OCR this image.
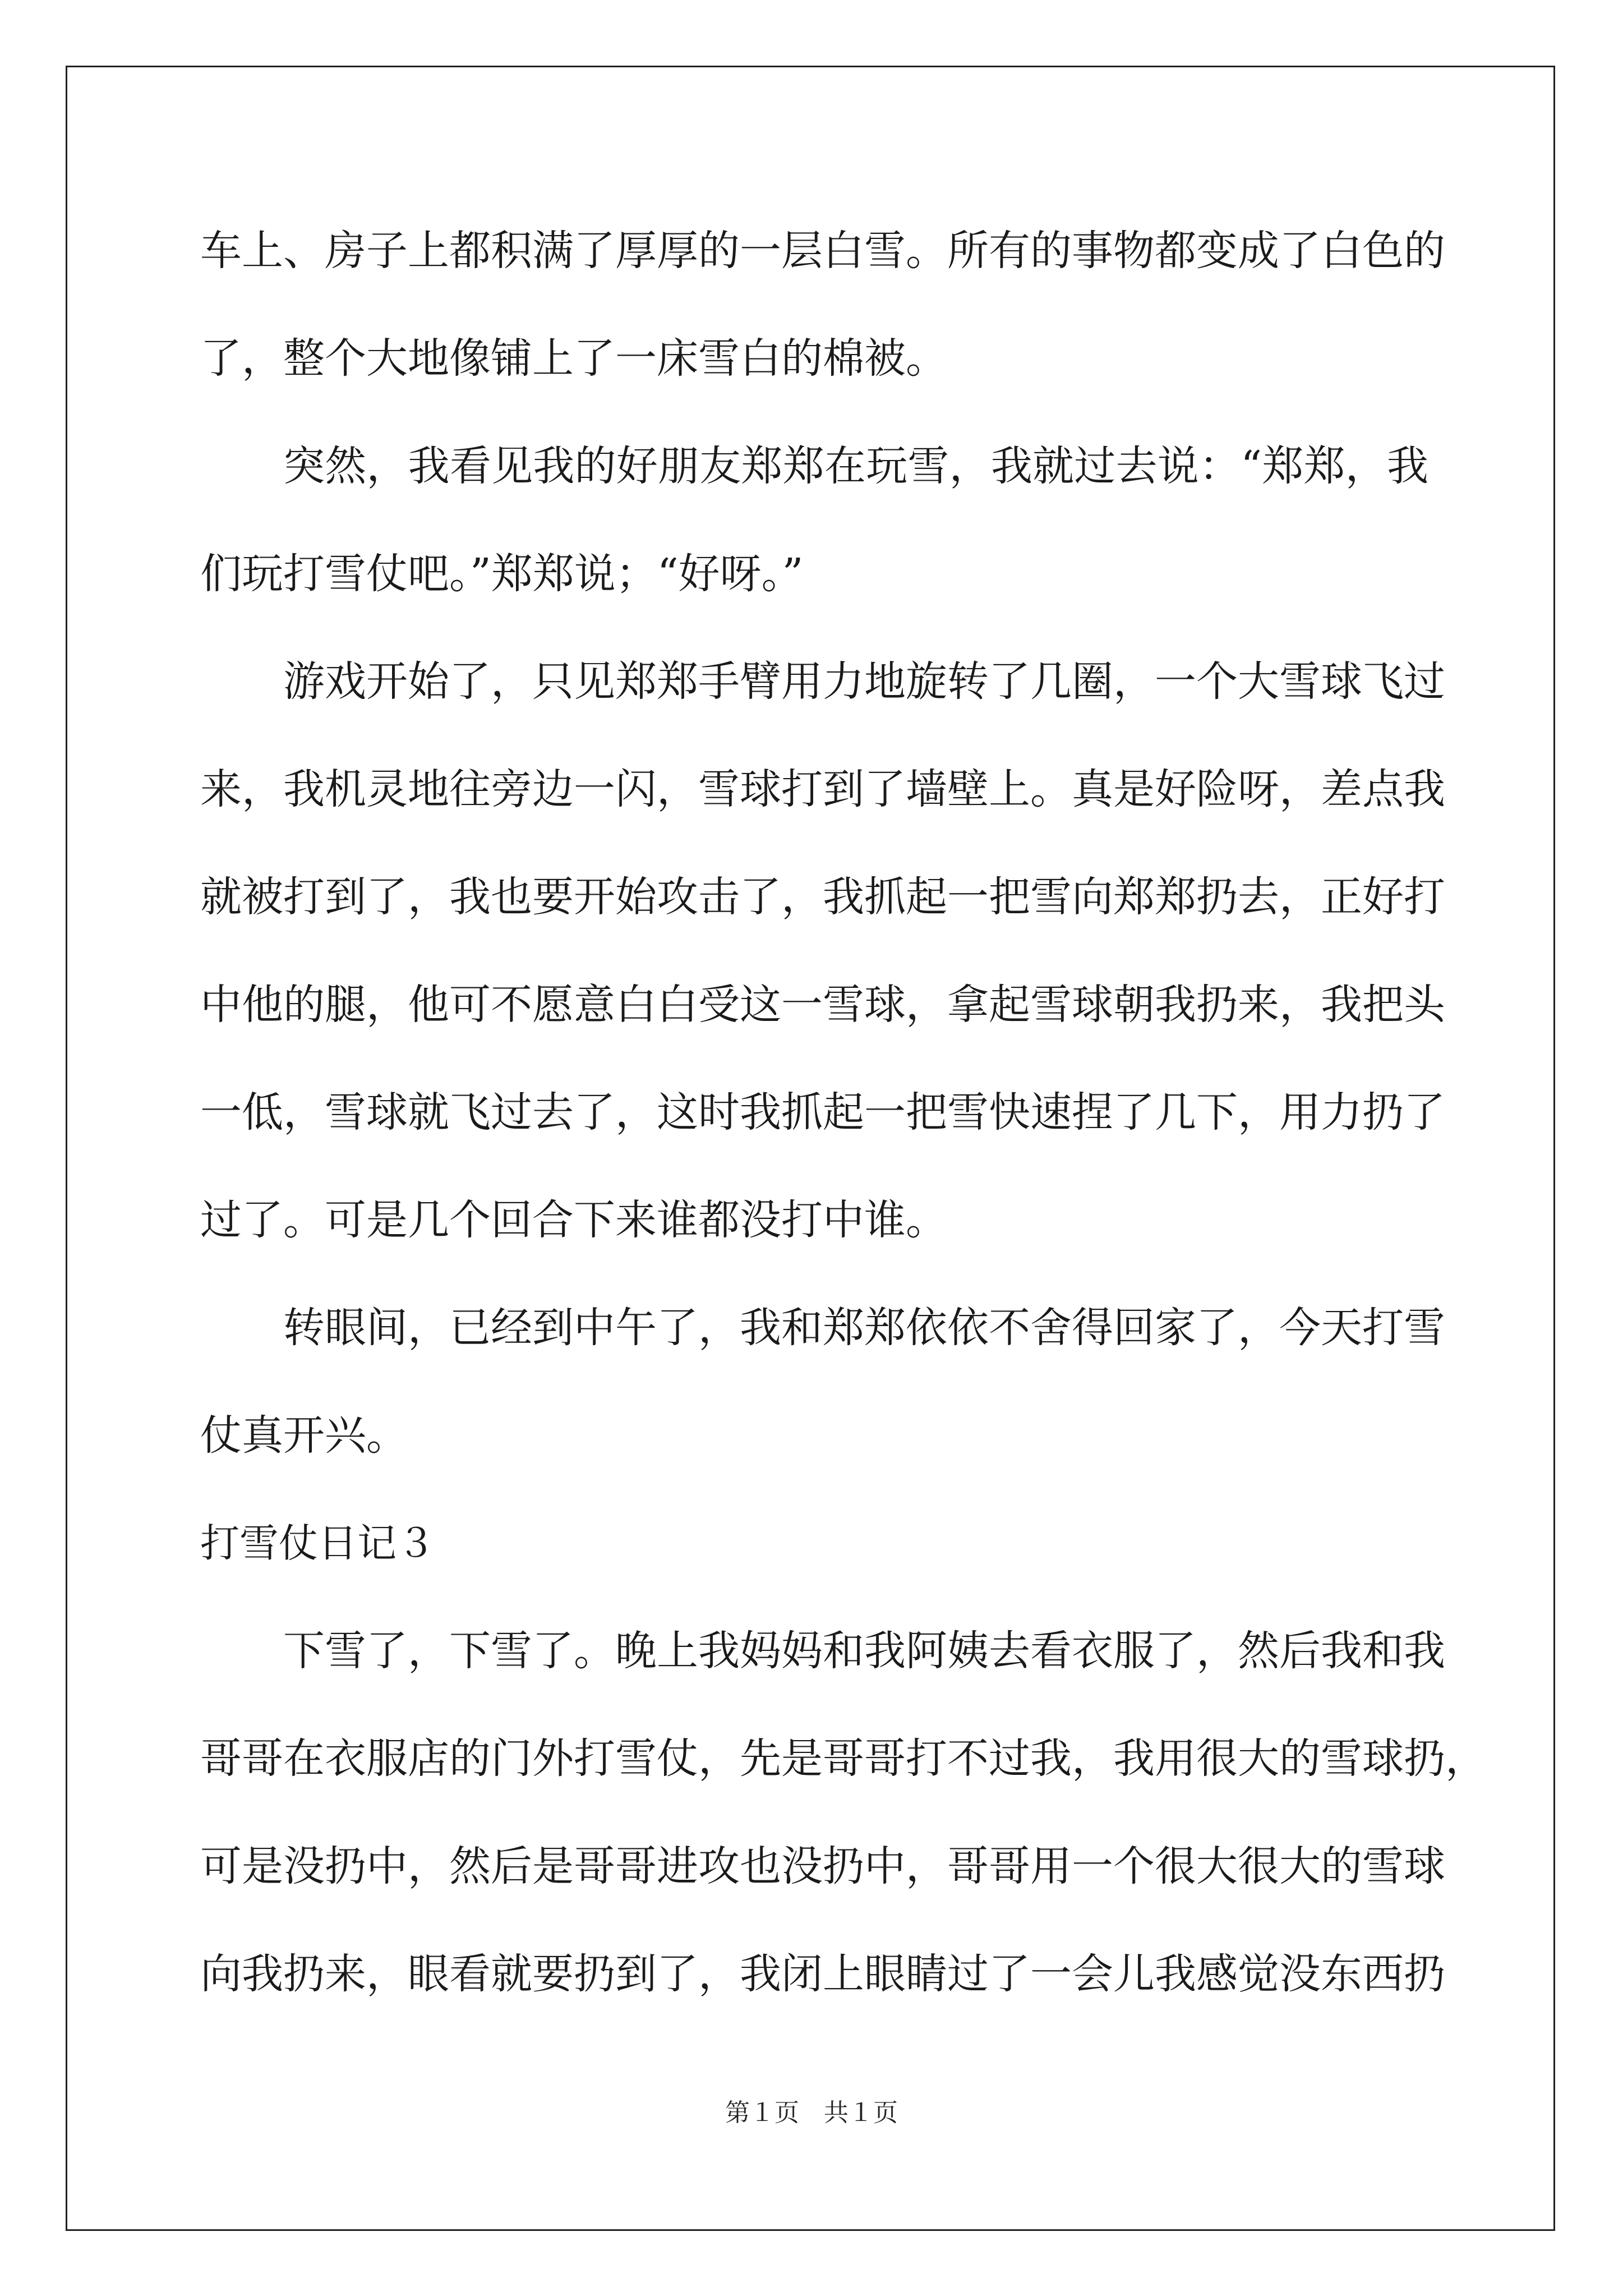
车上、房子上都积满了厚厚的一层白雪。所有的事物都变成了白色的
了，整个大地像铺上了一床雪白的棉被。
突然，我看见我的好朋友郑郑在玩雪，我就过去说：“郑郑，我
们玩打雪仗吧。”郑郑说；“好呀。”
游戏开始了，只见郑郑手臂用力地旋转了几圈，一个大雪球飞过
来，我机灵地往旁边一闪，雪球打到了墙壁上。真是好险呀，差点我
就被打到了，我也要开始攻击了，我抓起一把雪向郑郑扔去，正好打
中他的腿，他可不愿意白白受这一雪球，拿起雪球朝我扔来，我把头
一低，雪球就飞过去了，这时我抓起一把雪快速捏了几下，用力扔了
过了。可是几个回合下来谁都没打中谁。
转眼间，已经到中午了，我和郑郑依依不舍得回家了，今天打雪
仗真开兴。
打雪仗日记３
下雪了，下雪了。晚上我妈妈和我阿姨去看衣服了，然后我和我
哥哥在衣服店的门外打雪仗，先是哥哥打不过我，我用很大的雪球扔，
可是没扔中，然后是哥哥进攻也没扔中，哥哥用一个很大很大的雪球
向我扔来，眼看就要扔到了，我闭上眼睛过了一会儿我感觉没东西扔
第１页 共１页
